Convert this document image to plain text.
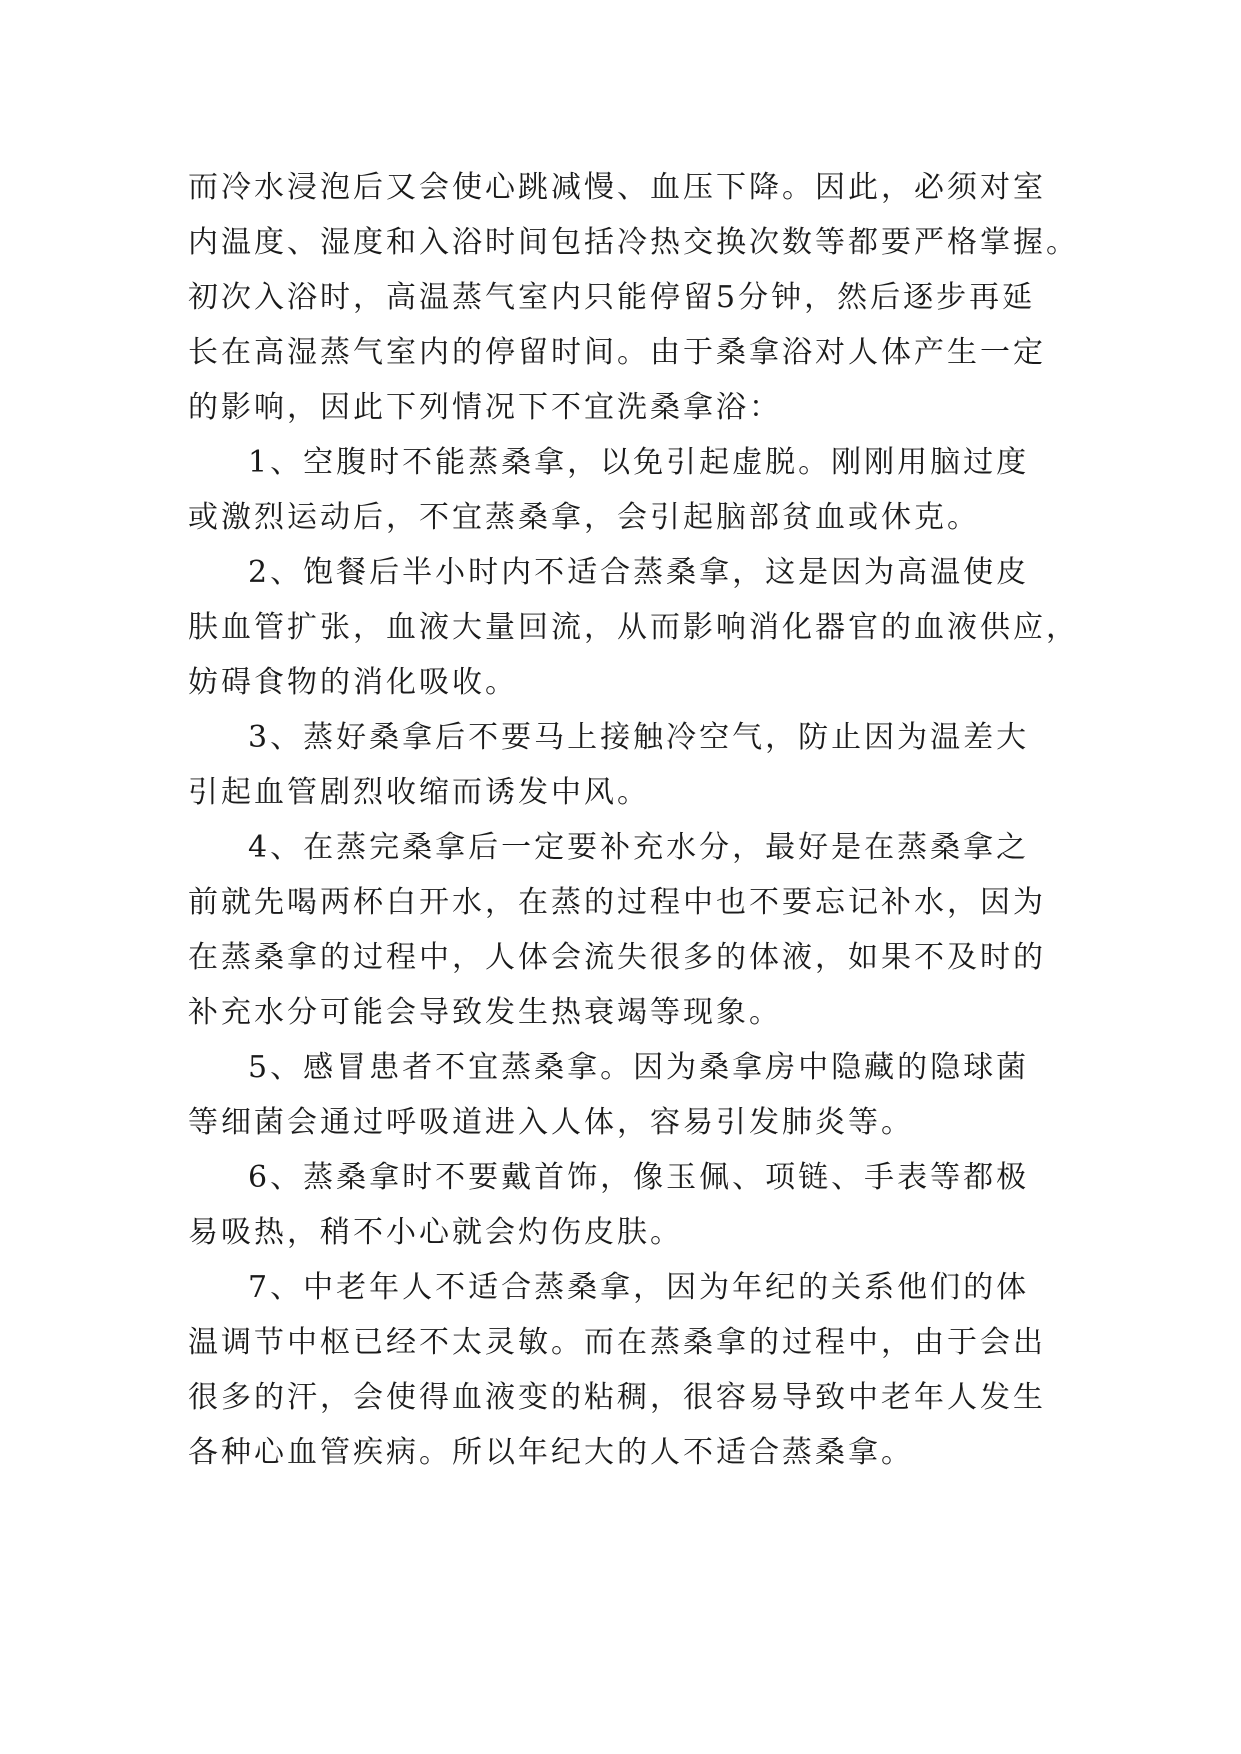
而冷水浸泡后又会使心跳减慢、血压下降。因此，必须对室
内温度、湿度和入浴时间包括冷热交换次数等都要严格掌握。
初次入浴时，高温蒸气室内只能停留5分钟，然后逐步再延
长在高湿蒸气室内的停留时间。由于桑拿浴对人体产生一定
的影响，因此下列情况下不宜洗桑拿浴：
1、空腹时不能蒸桑拿，以免引起虚脱。刚刚用脑过度
或激烈运动后，不宜蒸桑拿，会引起脑部贫血或休克。
2、饱餐后半小时内不适合蒸桑拿，这是因为高温使皮
肤血管扩张，血液大量回流，从而影响消化器官的血液供应，
妨碍食物的消化吸收。
3、蒸好桑拿后不要马上接触冷空气，防止因为温差大
引起血管剧烈收缩而诱发中风。
4、在蒸完桑拿后一定要补充水分，最好是在蒸桑拿之
前就先喝两杯白开水，在蒸的过程中也不要忘记补水，因为
在蒸桑拿的过程中，人体会流失很多的体液，如果不及时的
补充水分可能会导致发生热衰竭等现象。
5、感冒患者不宜蒸桑拿。因为桑拿房中隐藏的隐球菌
等细菌会通过呼吸道进入人体，容易引发肺炎等。
6、蒸桑拿时不要戴首饰，像玉佩、项链、手表等都极
易吸热，稍不小心就会灼伤皮肤。
7、中老年人不适合蒸桑拿，因为年纪的关系他们的体
温调节中枢已经不太灵敏。而在蒸桑拿的过程中，由于会出
很多的汗，会使得血液变的粘稠，很容易导致中老年人发生
各种心血管疾病。所以年纪大的人不适合蒸桑拿。
